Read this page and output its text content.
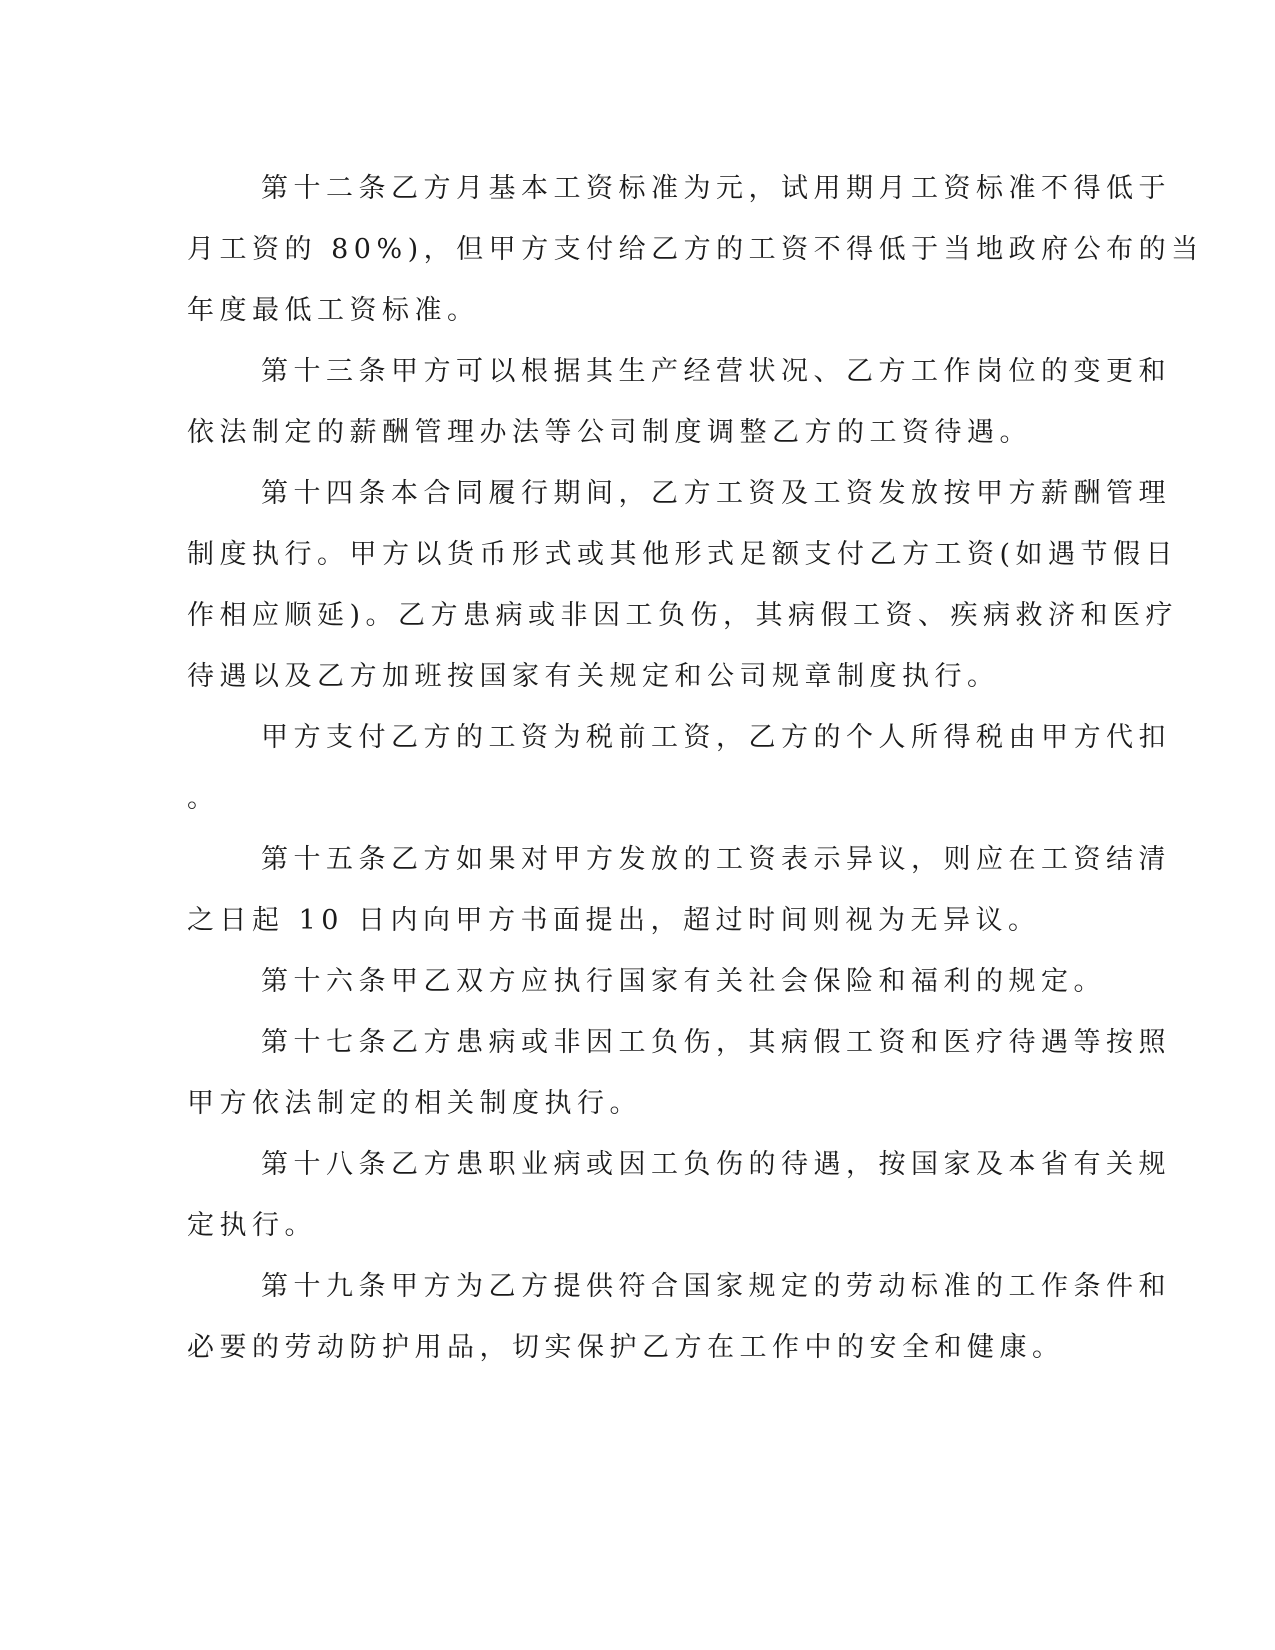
第十二条乙方月基本工资标准为元，试用期月工资标准不得低于
月工资的 80%)，但甲方支付给乙方的工资不得低于当地政府公布的当
年度最低工资标准。
第十三条甲方可以根据其生产经营状况、乙方工作岗位的变更和
依法制定的薪酬管理办法等公司制度调整乙方的工资待遇。
第十四条本合同履行期间，乙方工资及工资发放按甲方薪酬管理
制度执行。甲方以货币形式或其他形式足额支付乙方工资(如遇节假日
作相应顺延)。乙方患病或非因工负伤，其病假工资、疾病救济和医疗
待遇以及乙方加班按国家有关规定和公司规章制度执行。
甲方支付乙方的工资为税前工资，乙方的个人所得税由甲方代扣
。
第十五条乙方如果对甲方发放的工资表示异议，则应在工资结清
之日起 10 日内向甲方书面提出，超过时间则视为无异议。
第十六条甲乙双方应执行国家有关社会保险和福利的规定。
第十七条乙方患病或非因工负伤，其病假工资和医疗待遇等按照
甲方依法制定的相关制度执行。
第十八条乙方患职业病或因工负伤的待遇，按国家及本省有关规
定执行。
第十九条甲方为乙方提供符合国家规定的劳动标准的工作条件和
必要的劳动防护用品，切实保护乙方在工作中的安全和健康。
